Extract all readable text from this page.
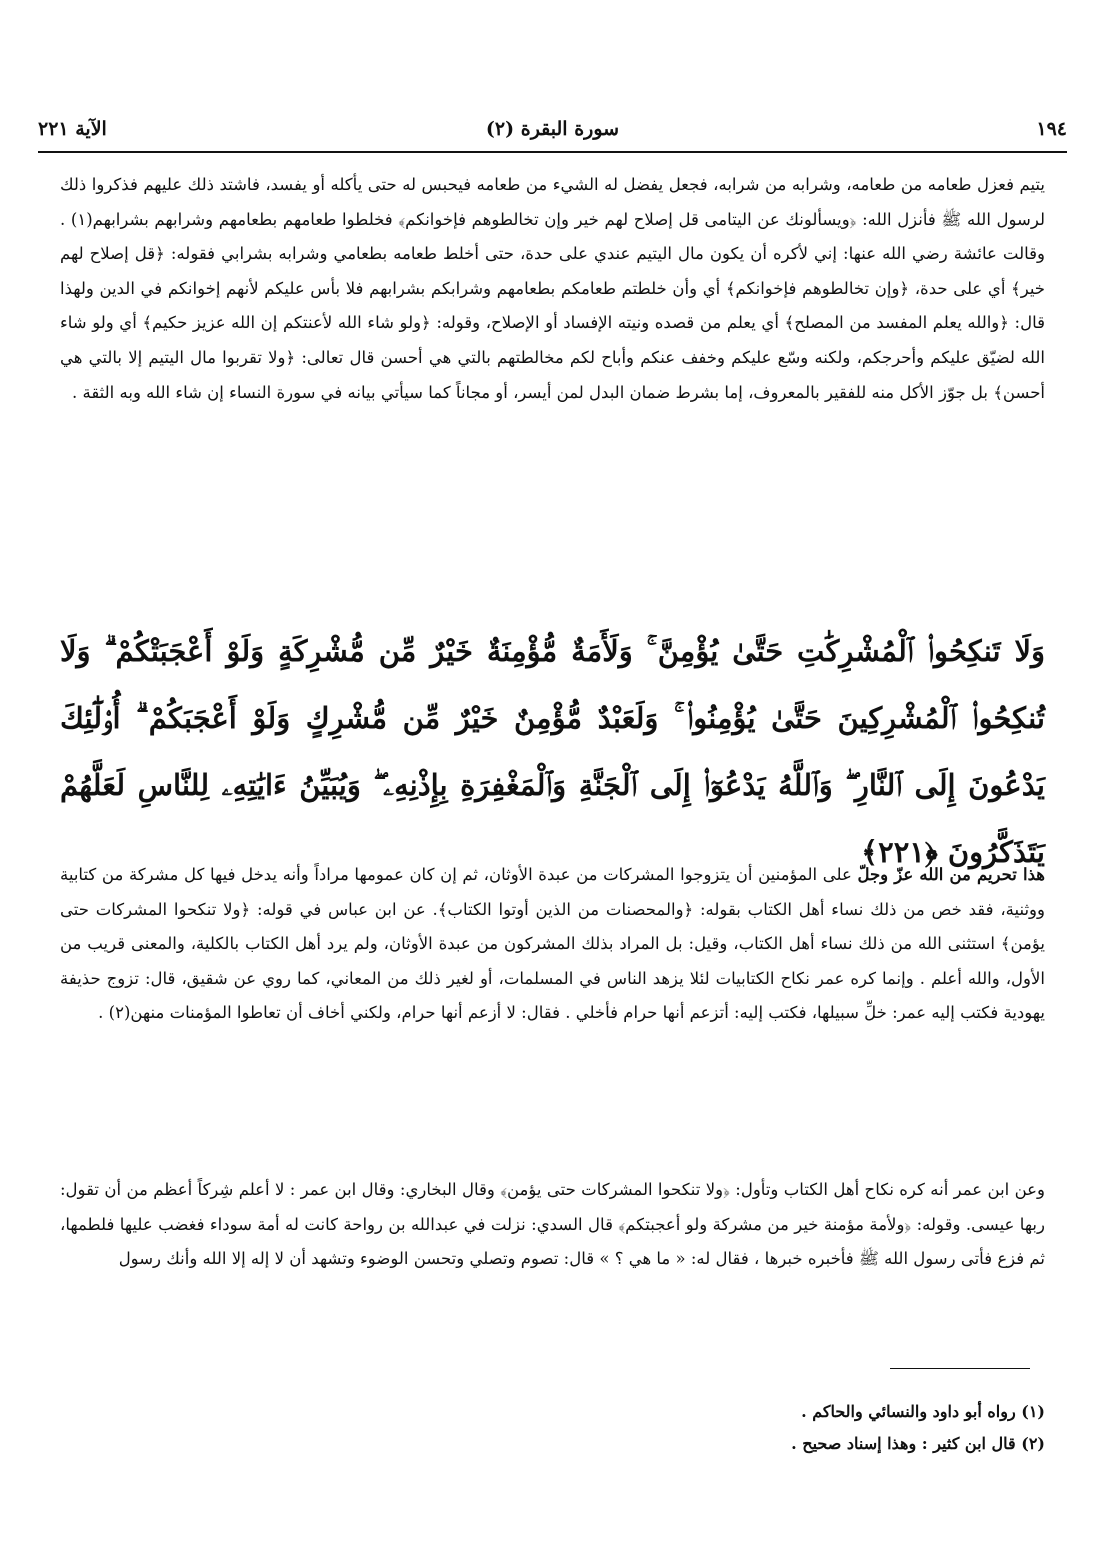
١٩٤
(٢) سورة البقرة
الآية ٢٢١

يتيم فعزل طعامه من طعامه، وشرابه من شرابه، فجعل يفضل له الشيء من طعامه فيحبس له حتى يأكله أو يفسد، فاشتد ذلك عليهم فذكروا ذلك لرسول الله ﷺ فأنزل الله: ﴿ويسألونك عن اليتامى قل إصلاح لهم خير وإن تخالطوهم فإخوانكم﴾ فخلطوا طعامهم بطعامهم وشرابهم بشرابهم(١) . وقالت عائشة رضي الله عنها: إني لأكره أن يكون مال اليتيم عندي على حدة، حتى أخلط طعامه بطعامي وشرابه بشرابي فقوله: ﴿قل إصلاح لهم خير﴾ أي على حدة، ﴿وإن تخالطوهم فإخوانكم﴾ أي وأن خلطتم طعامكم بطعامهم وشرابكم بشرابهم فلا بأس عليكم لأنهم إخوانكم في الدين ولهذا قال: ﴿والله يعلم المفسد من المصلح﴾ أي يعلم من قصده ونيته الإفساد أو الإصلاح، وقوله: ﴿ولو شاء الله لأعنتكم إن الله عزيز حكيم﴾ أي ولو شاء الله لضيّق عليكم وأحرجكم، ولكنه وسّع عليكم وخفف عنكم وأباح لكم مخالطتهم بالتي هي أحسن قال تعالى: ﴿ولا تقربوا مال اليتيم إلا بالتي هي أحسن﴾ بل جوّز الأكل منه للفقير بالمعروف، إما بشرط ضمان البدل لمن أيسر، أو مجاناً كما سيأتي بيانه في سورة النساء إن شاء الله وبه الثقة .

وَلَا تَنكِحُوا۟ ٱلْمُشْرِكَٰتِ حَتَّىٰ يُؤْمِنَّ ۚ وَلَأَمَةٌ مُّؤْمِنَةٌ خَيْرٌ مِّن مُّشْرِكَةٍ وَلَوْ أَعْجَبَتْكُمْ ۗ وَلَا تُنكِحُوا۟ ٱلْمُشْرِكِينَ حَتَّىٰ يُؤْمِنُوا۟ ۚ وَلَعَبْدٌ مُّؤْمِنٌ خَيْرٌ مِّن مُّشْرِكٍ وَلَوْ أَعْجَبَكُمْ ۗ أُو۟لَٰٓئِكَ يَدْعُونَ إِلَى ٱلنَّارِ ۖ وَٱللَّهُ يَدْعُوٓا۟ إِلَى ٱلْجَنَّةِ وَٱلْمَغْفِرَةِ بِإِذْنِهِۦ ۖ وَيُبَيِّنُ ءَايَٰتِهِۦ لِلنَّاسِ لَعَلَّهُمْ يَتَذَكَّرُونَ ﴿٢٢١﴾

هذا تحريم من الله عزّ وجلّ على المؤمنين أن يتزوجوا المشركات من عبدة الأوثان، ثم إن كان عمومها مراداً وأنه يدخل فيها كل مشركة من كتابية ووثنية، فقد خص من ذلك نساء أهل الكتاب بقوله: ﴿والمحصنات من الذين أوتوا الكتاب﴾. عن ابن عباس في قوله: ﴿ولا تنكحوا المشركات حتى يؤمن﴾ استثنى الله من ذلك نساء أهل الكتاب، وقيل: بل المراد بذلك المشركون من عبدة الأوثان، ولم يرد أهل الكتاب بالكلية، والمعنى قريب من الأول، والله أعلم . وإنما كره عمر نكاح الكتابيات لئلا يزهد الناس في المسلمات، أو لغير ذلك من المعاني، كما روي عن شقيق، قال: تزوج حذيفة يهودية فكتب إليه عمر: خلِّ سبيلها، فكتب إليه: أتزعم أنها حرام فأخلي . فقال: لا أزعم أنها حرام، ولكني أخاف أن تعاطوا المؤمنات منهن(٢) .

وعن ابن عمر أنه كره نكاح أهل الكتاب وتأول: ﴿ولا تنكحوا المشركات حتى يؤمن﴾ وقال البخاري: وقال ابن عمر : لا أعلم شِركاً أعظم من أن تقول: ربها عيسى. وقوله: ﴿ولأمة مؤمنة خير من مشركة ولو أعجبتكم﴾ قال السدي: نزلت في عبدالله بن رواحة كانت له أمة سوداء فغضب عليها فلطمها، ثم فزع فأتى رسول الله ﷺ فأخبره خبرها ، فقال له: « ما هي ؟ » قال: تصوم وتصلي وتحسن الوضوء وتشهد أن لا إله إلا الله وأنك رسول

(١) رواه أبو داود والنسائي والحاكم .
(٢) قال ابن كثير : وهذا إسناد صحيح .
